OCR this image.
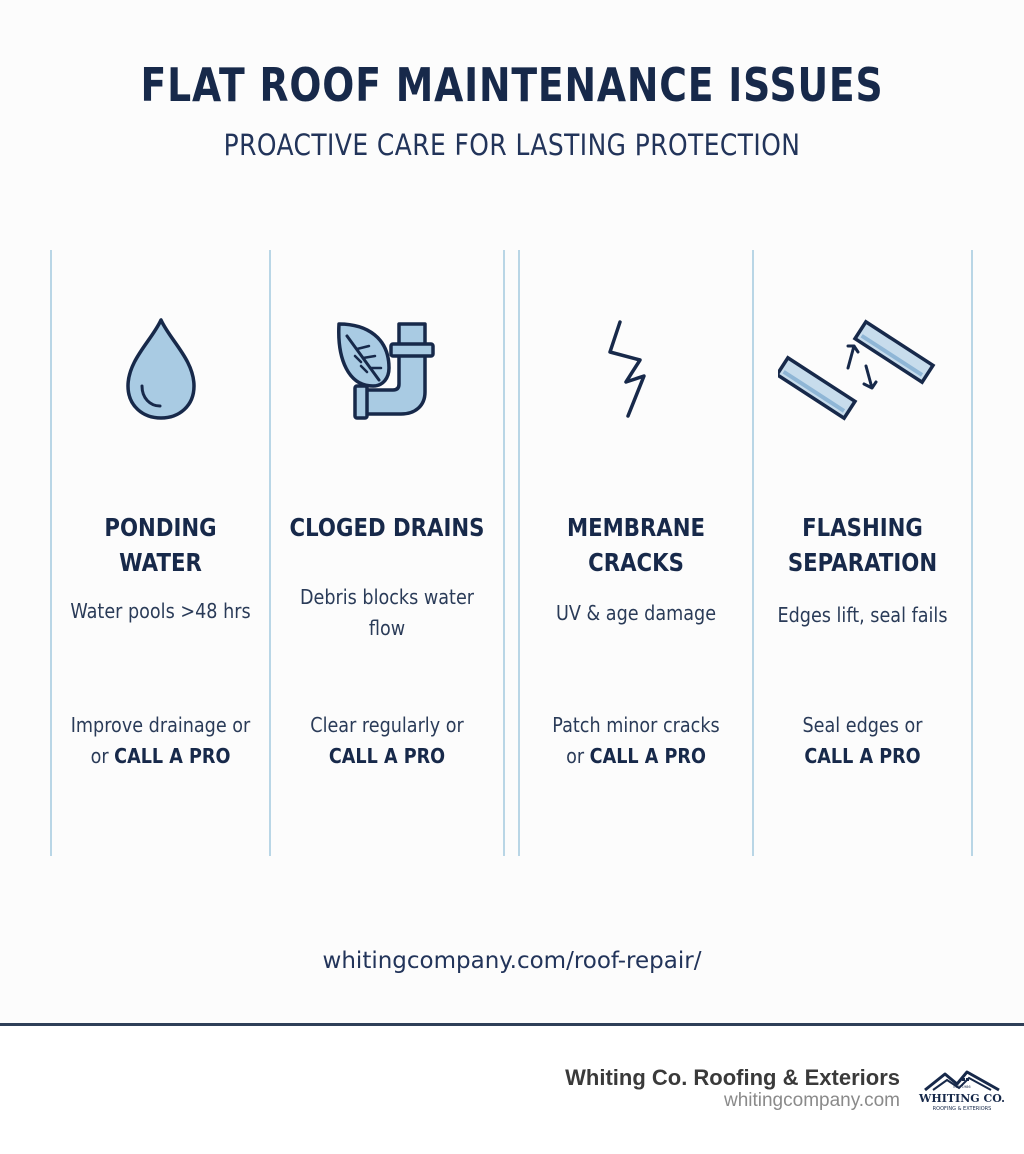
FLAT ROOF MAINTENANCE ISSUES
PROACTIVE CARE FOR LASTING PROTECTION
PONDING WATER
Water pools >48 hrs
Improve drainage or
or CALL A PRO
CLOGED DRAINS
Debris blocks water
flow
Clear regularly or
CALL A PRO
MEMBRANE
CRACKS
UV & age damage
Patch minor cracks
or CALL A PRO
FLASHING
SEPARATION
Edges lift, seal fails
Seal edges or
CALL A PRO
whitingcompany.com/roof-repair/
Whiting Co. Roofing & Exteriors
whitingcompany.com
EST. 1986
WHITING CO.
ROOFING & EXTERIORS
